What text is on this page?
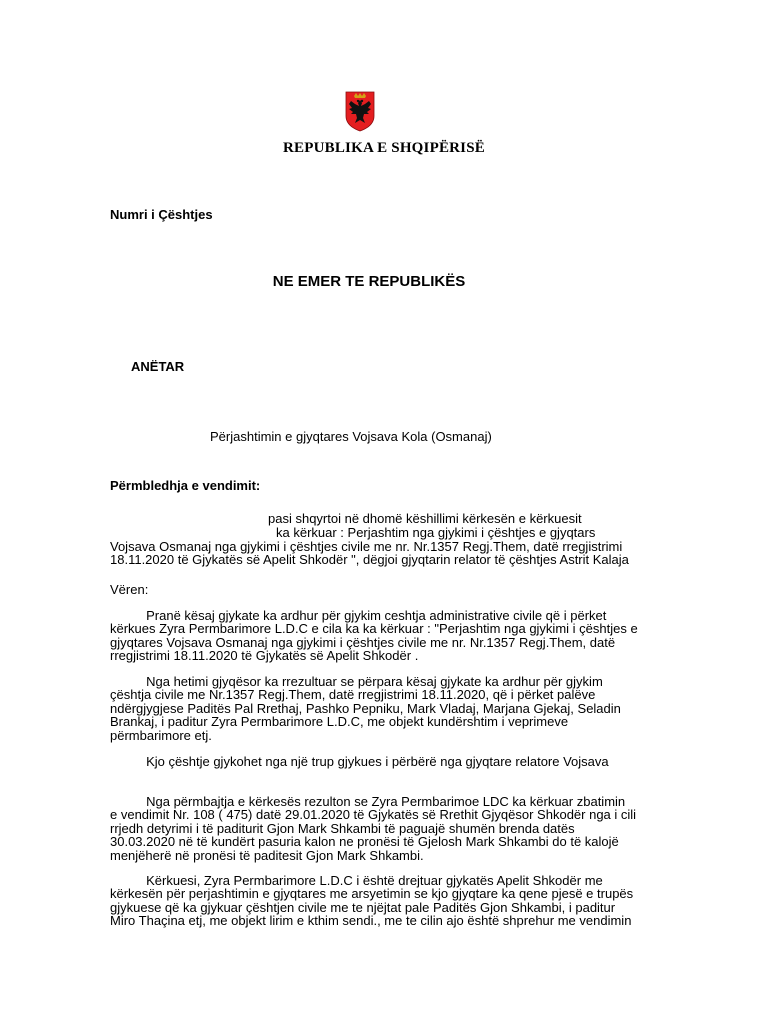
REPUBLIKA E SHQIPËRISË

Numri i Çështjes

NE EMER TE REPUBLIKËS

ANËTAR

Përjashtimin e gjyqtares Vojsava Kola (Osmanaj)

Përmbledhja e vendimit:

pasi shqyrtoi në dhomë këshillimi kërkesën e kërkuesit

ka kërkuar : Perjashtim nga gjykimi i çështjes e gjyqtars

Vojsava Osmanaj nga gjykimi i çështjes civile me nr. Nr.1357 Regj.Them, datë rregjistrimi
18.11.2020 të Gjykatës së Apelit Shkodër ", dëgjoi gjyqtarin relator të çështjes Astrit Kalaja

Vëren:

Pranë kësaj gjykate ka ardhur për gjykim ceshtja administrative civile që i përket
kërkues Zyra Permbarimore L.D.C e cila ka ka kërkuar : "Perjashtim nga gjykimi i çështjes e
gjyqtares Vojsava Osmanaj nga gjykimi i çështjes civile me nr. Nr.1357 Regj.Them, datë
rregjistrimi 18.11.2020 të Gjykatës së Apelit Shkodër .
Nga hetimi gjyqësor ka rrezultuar se përpara kësaj gjykate ka ardhur për gjykim
çështja civile me Nr.1357 Regj.Them, datë rregjistrimi 18.11.2020, që i përket palëve
ndërgjygjese Paditës Pal Rrethaj, Pashko Pepniku, Mark Vladaj, Marjana Gjekaj, Seladin
Brankaj, i paditur Zyra Permbarimore L.D.C, me objekt kundërshtim i veprimeve
përmbarimore etj.
Kjo çështje gjykohet nga një trup gjykues i përbërë nga gjyqtare relatore Vojsava
Nga përmbajtja e kërkesës rezulton se Zyra Permbarimoe LDC ka kërkuar zbatimin
e vendimit Nr. 108 ( 475) datë 29.01.2020 të Gjykatës së Rrethit Gjyqësor Shkodër nga i cili
rrjedh detyrimi i të paditurit Gjon Mark Shkambi të paguajë shumën brenda datës
30.03.2020 në të kundërt pasuria kalon ne pronësi të Gjelosh Mark Shkambi do të kalojë
menjëherë në pronësi të paditesit Gjon Mark Shkambi.
Kërkuesi, Zyra Permbarimore L.D.C i është drejtuar gjykatës Apelit Shkodër me
kërkesën për perjashtimin e gjyqtares me arsyetimin se kjo gjyqtare ka qene pjesë e trupës
gjykuese që ka gjykuar çështjen civile me te njëjtat pale Paditës Gjon Shkambi, i paditur
Miro Thaçina etj, me objekt lirim e kthim sendi., me te cilin ajo është shprehur me vendimin
